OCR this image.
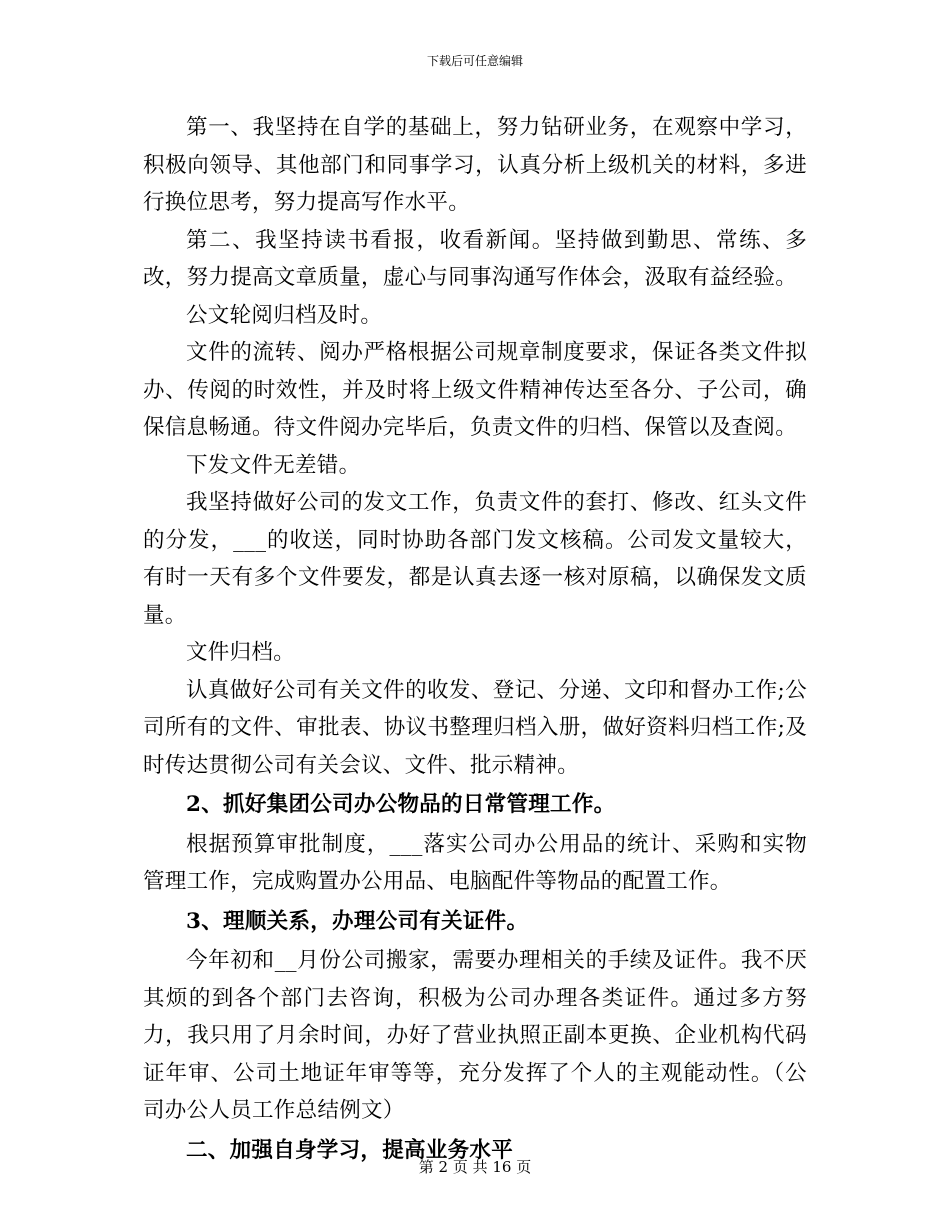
下载后可任意编辑

第一、我坚持在自学的基础上，努力钻研业务，在观察中学习，积极向领导、其他部门和同事学习，认真分析上级机关的材料，多进行换位思考，努力提高写作水平。

第二、我坚持读书看报，收看新闻。坚持做到勤思、常练、多改，努力提高文章质量，虚心与同事沟通写作体会，汲取有益经验。

公文轮阅归档及时。

文件的流转、阅办严格根据公司规章制度要求，保证各类文件拟办、传阅的时效性，并及时将上级文件精神传达至各分、子公司，确保信息畅通。待文件阅办完毕后，负责文件的归档、保管以及查阅。

下发文件无差错。

我坚持做好公司的发文工作，负责文件的套打、修改、红头文件的分发，___的收送，同时协助各部门发文核稿。公司发文量较大，有时一天有多个文件要发，都是认真去逐一核对原稿，以确保发文质量。

文件归档。

认真做好公司有关文件的收发、登记、分递、文印和督办工作;公司所有的文件、审批表、协议书整理归档入册，做好资料归档工作;及时传达贯彻公司有关会议、文件、批示精神。

2、抓好集团公司办公物品的日常管理工作。

根据预算审批制度，___落实公司办公用品的统计、采购和实物管理工作，完成购置办公用品、电脑配件等物品的配置工作。

3、理顺关系，办理公司有关证件。

今年初和__月份公司搬家，需要办理相关的手续及证件。我不厌其烦的到各个部门去咨询，积极为公司办理各类证件。通过多方努力，我只用了月余时间，办好了营业执照正副本更换、企业机构代码证年审、公司土地证年审等等，充分发挥了个人的主观能动性。（公司办公人员工作总结例文）

二、加强自身学习，提高业务水平

第 2 页 共 16 页
